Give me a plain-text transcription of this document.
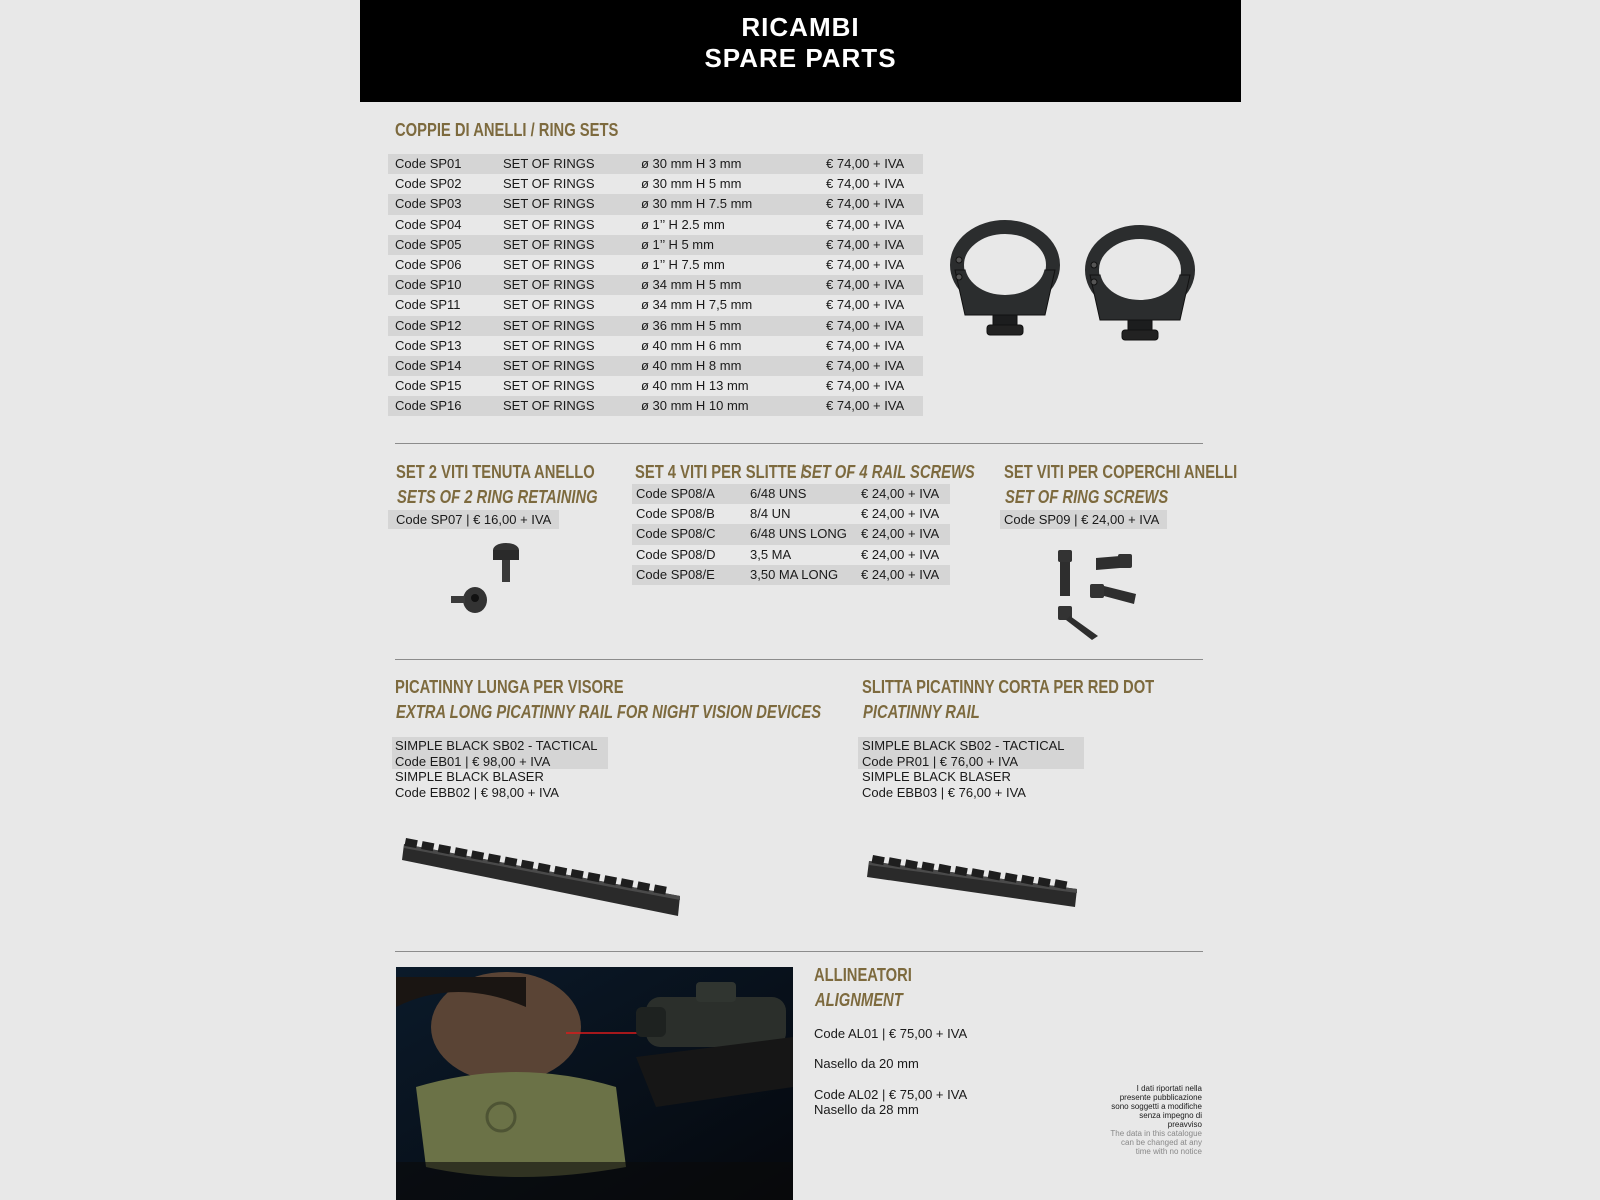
RICAMBI
SPARE PARTS
COPPIE DI ANELLI / RING SETS
Code SP01	SET OF RINGS	ø 30 mm H 3 mm	€ 74,00 + IVA
Code SP02	SET OF RINGS	ø 30 mm H 5 mm	€ 74,00 + IVA
Code SP03	SET OF RINGS	ø 30 mm H 7.5 mm	€ 74,00 + IVA
Code SP04	SET OF RINGS	ø 1’’ H 2.5 mm	€ 74,00 + IVA
Code SP05	SET OF RINGS	ø 1’’ H 5 mm	€ 74,00 + IVA
Code SP06	SET OF RINGS	ø 1’’ H 7.5 mm	€ 74,00 + IVA
Code SP10	SET OF RINGS	ø 34 mm H 5 mm	€ 74,00 + IVA
Code SP11	SET OF RINGS	ø 34 mm H 7,5 mm	€ 74,00 + IVA
Code SP12	SET OF RINGS	ø 36 mm H 5 mm	€ 74,00 + IVA
Code SP13	SET OF RINGS	ø 40 mm H 6 mm	€ 74,00 + IVA
Code SP14	SET OF RINGS	ø 40 mm H 8 mm	€ 74,00 + IVA
Code SP15	SET OF RINGS	ø 40 mm H 13 mm	€ 74,00 + IVA
Code SP16	SET OF RINGS	ø 30 mm H 10 mm	€ 74,00 + IVA
SET 2 VITI TENUTA ANELLO
SETS OF 2 RING RETAINING
Code SP07 | € 16,00 + IVA
SET 4 VITI PER SLITTE /SET OF 4 RAIL SCREWS
Code SP08/A	6/48 UNS	€ 24,00 + IVA
Code SP08/B	8/4 UN	€ 24,00 + IVA
Code SP08/C	6/48 UNS LONG € 24,00 + IVA
Code SP08/D	3,5 MA	€ 24,00 + IVA
Code SP08/E	3,50 MA LONG € 24,00 + IVA
SET VITI PER COPERCHI ANELLI
SET OF RING SCREWS
Code SP09 | € 24,00 + IVA
PICATINNY LUNGA PER VISORE
EXTRA LONG PICATINNY RAIL FOR NIGHT VISION DEVICES
SIMPLE BLACK SB02 - TACTICAL
Code EB01 | € 98,00 + IVA
SIMPLE BLACK BLASER
Code EBB02 | € 98,00 + IVA
SLITTA PICATINNY CORTA PER RED DOT
PICATINNY RAIL
SIMPLE BLACK SB02 - TACTICAL
Code PR01 | € 76,00 + IVA
SIMPLE BLACK BLASER
Code EBB03 | € 76,00 + IVA
ALLINEATORI
ALIGNMENT
Code AL01 | € 75,00 + IVA
Nasello da 20 mm
Code AL02 | € 75,00 + IVA
Nasello da 28 mm
I dati riportati nella presente pubblicazione sono soggetti a modifiche senza impegno di preavviso
The data in this catalogue can be changed at any time with no notice
